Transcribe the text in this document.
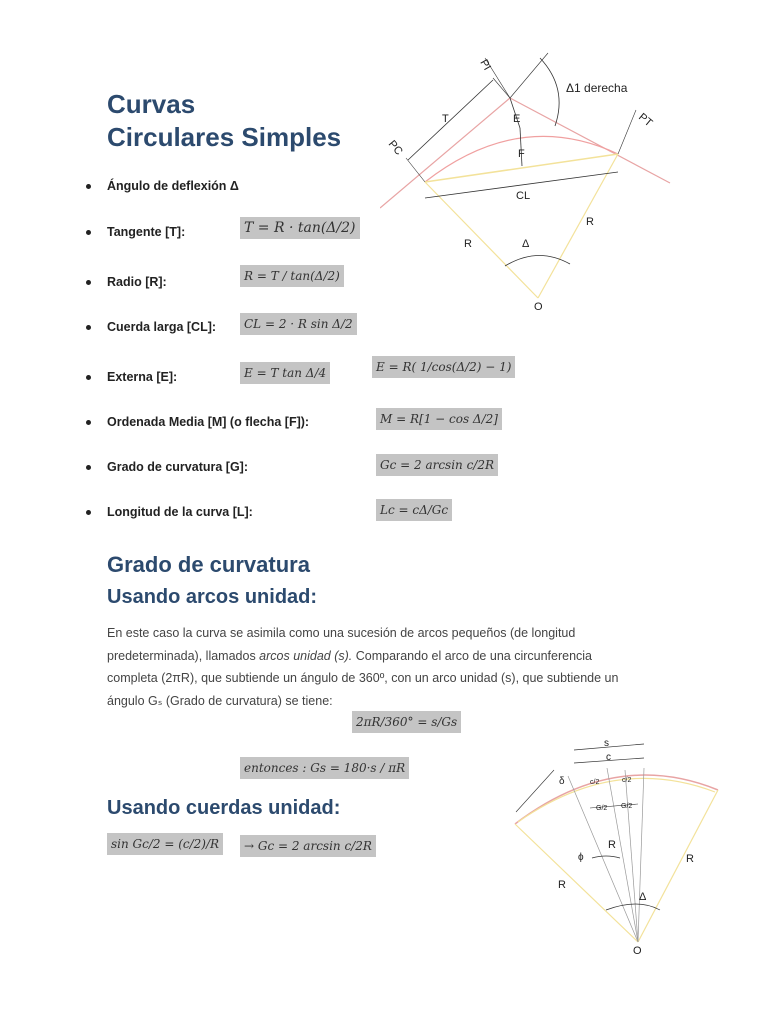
Curvas
Circulares Simples
Ángulo de deflexión Δ
Tangente [T]:	T = R · tan(Δ/2)
Radio [R]:	R = T / tan(Δ/2)
Cuerda larga [CL]:	CL = 2 · R sin Δ/2
Externa [E]:	E = T tan Δ/4	E = R( 1/cos(Δ/2) − 1)
Ordenada Media [M] (o flecha [F]):	M = R[1 − cos Δ/2]
Grado de curvatura [G]:	Gc = 2 arcsin c/2R
Longitud de la curva [L]:	Lc = cΔ/Gc
Grado de curvatura
Usando arcos unidad:
En este caso la curva se asimila como una sucesión de arcos pequeños (de longitud
predeterminada), llamados arcos unidad (s). Comparando el arco de una circunferencia
completa (2πR), que subtiende un ángulo de 360º, con un arco unidad (s), que subtiende un
ángulo Gₛ (Grado de curvatura) se tiene:
2πR/360° = s/Gs
entonces : Gs = 180·s / πR
Usando cuerdas unidad:
sin Gc/2 = (c/2)/R	→ Gc = 2 arcsin c/2R
PI
PC
PT
T	E
F
CL
R
R
Δ
O
Δ1 derecha
s
c
δ	c/2	c/2
G/2 G/2
ϕ
R
R
R
Δ
O
